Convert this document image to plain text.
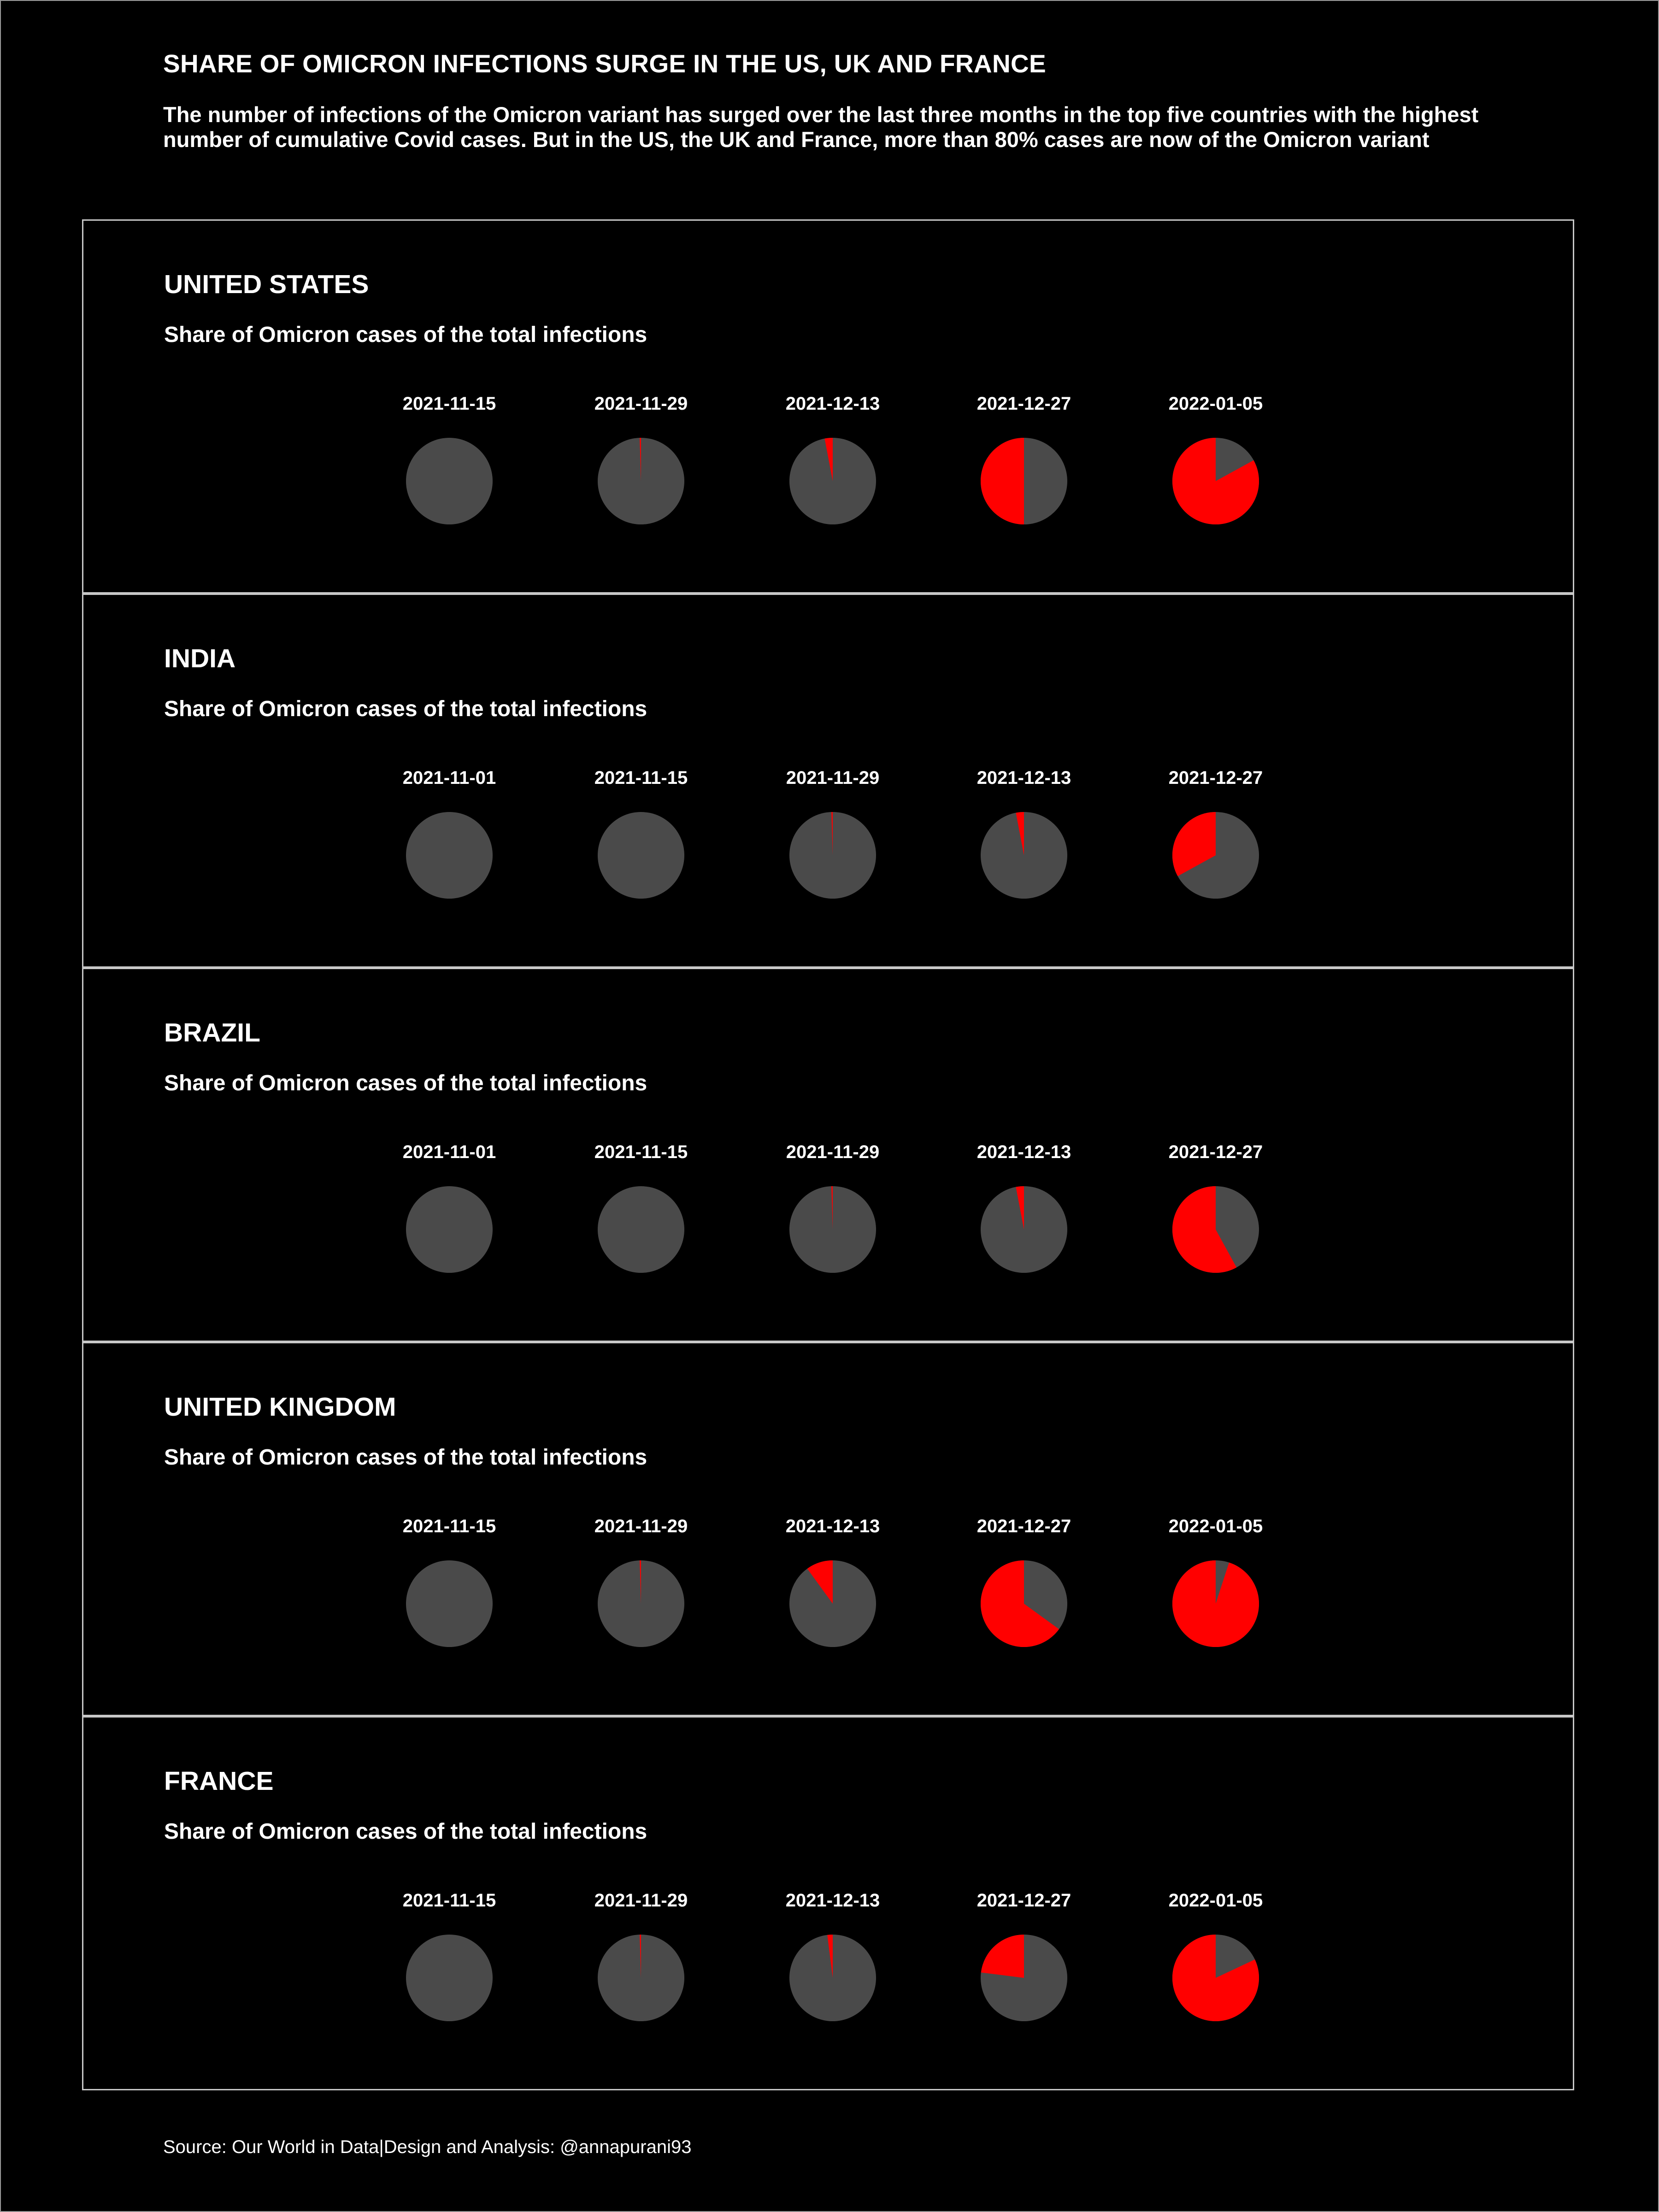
SHARE OF OMICRON INFECTIONS SURGE IN THE US, UK AND FRANCE

The number of infections of the Omicron variant has surged over the last three months in the top five countries with the highest number of cumulative Covid cases. But in the US, the UK and France, more than 80% cases are now of the Omicron variant

UNITED STATES

Share of Omicron cases of the total infections

2021-11-15	2021-11-29	2021-12-13	2021-12-27	2022-01-05
INDIA

Share of Omicron cases of the total infections

2021-11-01	2021-11-15	2021-11-29	2021-12-13	2021-12-27
BRAZIL

Share of Omicron cases of the total infections

2021-11-01	2021-11-15	2021-11-29	2021-12-13	2021-12-27
UNITED KINGDOM

Share of Omicron cases of the total infections

2021-11-15	2021-11-29	2021-12-13	2021-12-27	2022-01-05
FRANCE

Share of Omicron cases of the total infections

2021-11-15	2021-11-29	2021-12-13	2021-12-27	2022-01-05

Source: Our World in Data|Design and Analysis: @annapurani93
